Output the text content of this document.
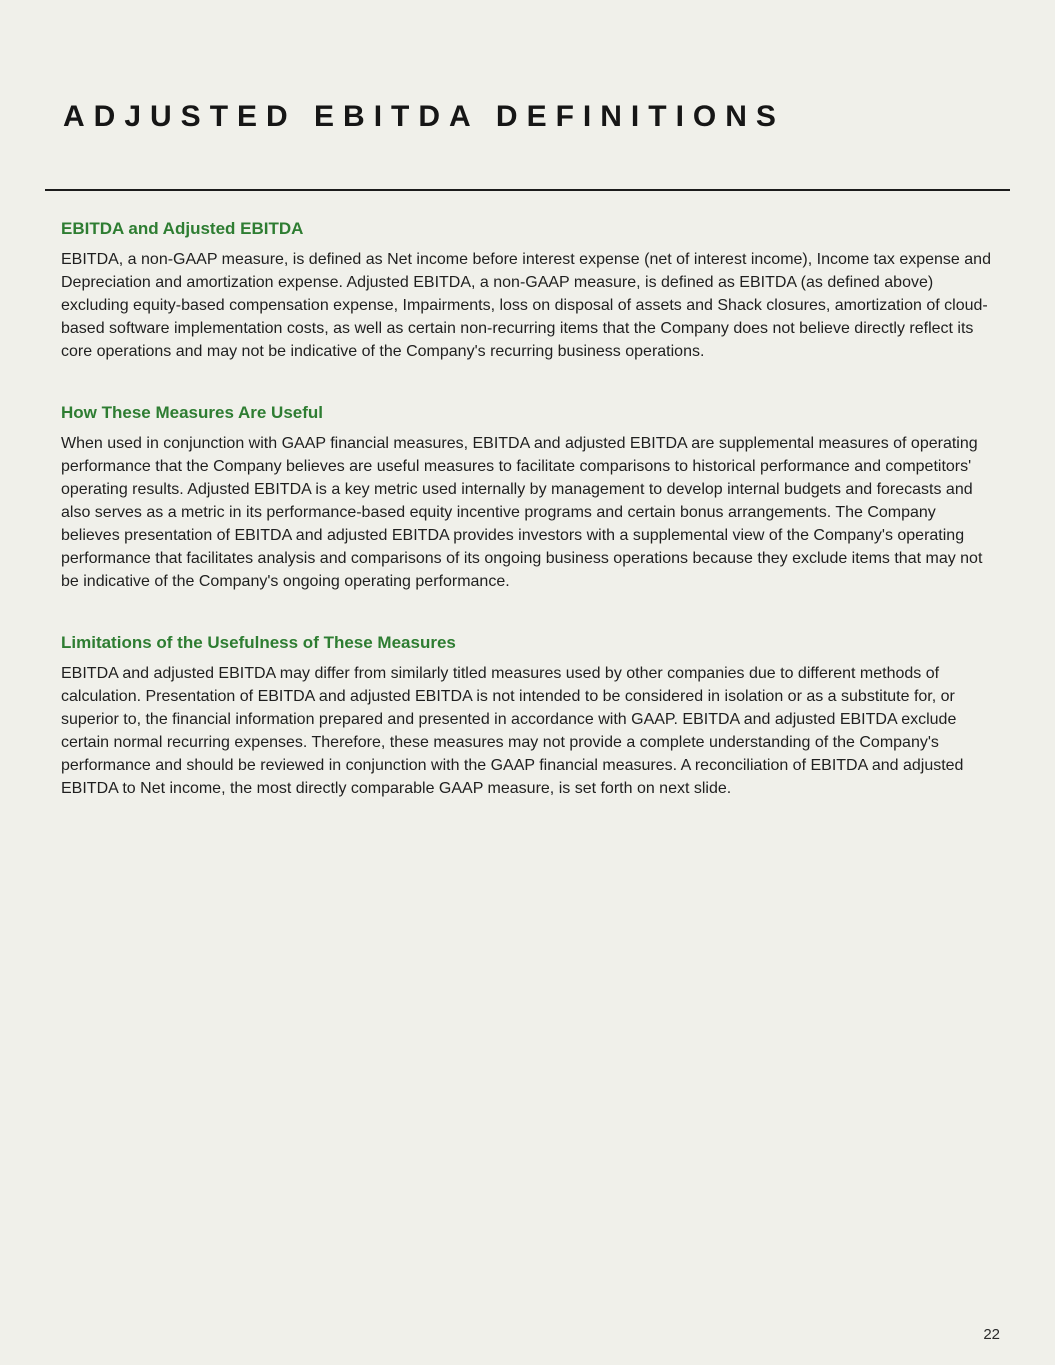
ADJUSTED EBITDA DEFINITIONS
EBITDA and Adjusted EBITDA

EBITDA, a non-GAAP measure, is defined as Net income before interest expense (net of interest income), Income tax expense and Depreciation and amortization expense. Adjusted EBITDA, a non-GAAP measure, is defined as EBITDA (as defined above) excluding equity-based compensation expense, Impairments, loss on disposal of assets and Shack closures, amortization of cloud-based software implementation costs, as well as certain non-recurring items that the Company does not believe directly reflect its core operations and may not be indicative of the Company's recurring business operations.

How These Measures Are Useful

When used in conjunction with GAAP financial measures, EBITDA and adjusted EBITDA are supplemental measures of operating performance that the Company believes are useful measures to facilitate comparisons to historical performance and competitors' operating results. Adjusted EBITDA is a key metric used internally by management to develop internal budgets and forecasts and also serves as a metric in its performance-based equity incentive programs and certain bonus arrangements. The Company believes presentation of EBITDA and adjusted EBITDA provides investors with a supplemental view of the Company's operating performance that facilitates analysis and comparisons of its ongoing business operations because they exclude items that may not be indicative of the Company's ongoing operating performance.

Limitations of the Usefulness of These Measures

EBITDA and adjusted EBITDA may differ from similarly titled measures used by other companies due to different methods of calculation. Presentation of EBITDA and adjusted EBITDA is not intended to be considered in isolation or as a substitute for, or superior to, the financial information prepared and presented in accordance with GAAP. EBITDA and adjusted EBITDA exclude certain normal recurring expenses. Therefore, these measures may not provide a complete understanding of the Company's performance and should be reviewed in conjunction with the GAAP financial measures. A reconciliation of EBITDA and adjusted EBITDA to Net income, the most directly comparable GAAP measure, is set forth on next slide.

22
